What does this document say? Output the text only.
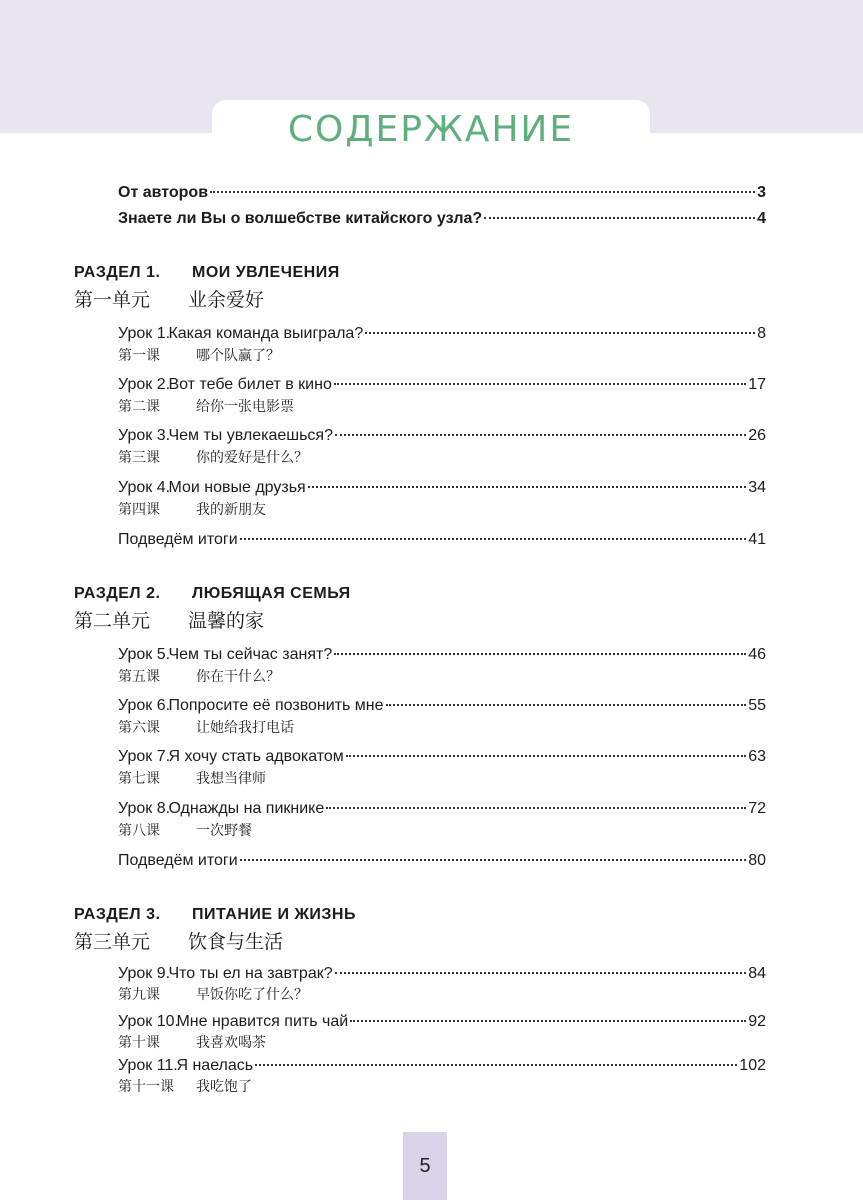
СОДЕРЖАНИЕ
От авторов	3
Знаете ли Вы о волшебстве китайского узла?	4
РАЗДЕЛ 1. МОИ УВЛЕЧЕНИЯ
第一单元 业余爱好
Урок 1. Какая команда выиграла?	8
第一课	哪个队赢了？
Урок 2. Вот тебе билет в кино	17
第二课	给你一张电影票
Урок 3. Чем ты увлекаешься?	26
第三课	你的爱好是什么？
Урок 4. Мои новые друзья	34
第四课	我的新朋友
Подведём итоги	41
РАЗДЕЛ 2. ЛЮБЯЩАЯ СЕМЬЯ
第二单元 温馨的家
Урок 5. Чем ты сейчас занят?	46
第五课	你在干什么？
Урок 6. Попросите её позвонить мне	55
第六课	让她给我打电话
Урок 7. Я хочу стать адвокатом	63
第七课	我想当律师
Урок 8. Однажды на пикнике	72
第八课	一次野餐
Подведём итоги	80
РАЗДЕЛ 3. ПИТАНИЕ И ЖИЗНЬ
第三单元 饮食与生活
Урок 9. Что ты ел на завтрак?	84
第九课	早饭你吃了什么？
Урок 10. Мне нравится пить чай	92
第十课	我喜欢喝茶
Урок 11. Я наелась	102
第十一课 我吃饱了
5
